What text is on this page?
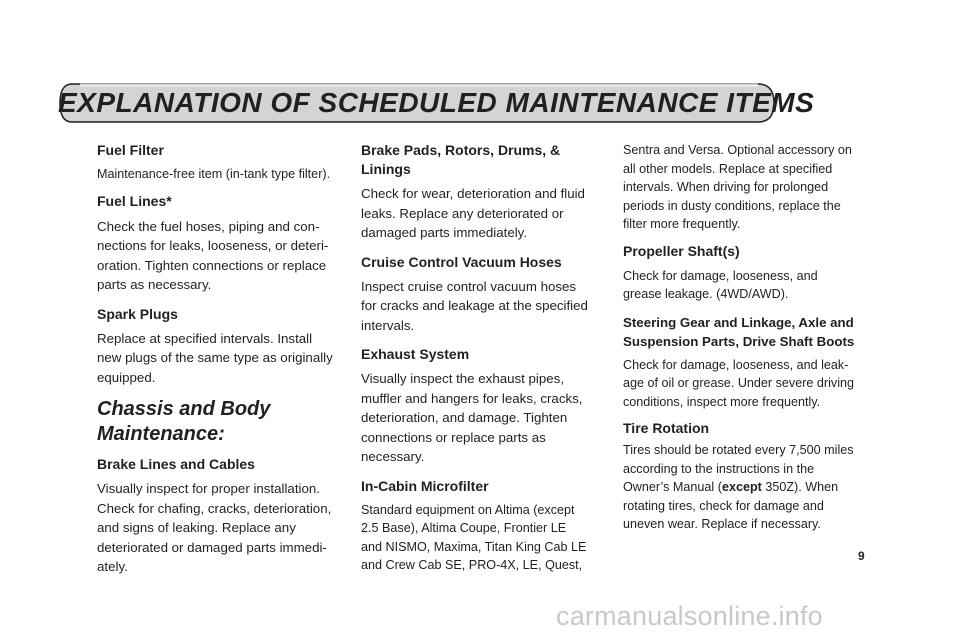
EXPLANATION OF SCHEDULED MAINTENANCE ITEMS

Fuel Filter

Maintenance-free item (in-tank type filter).

Fuel Lines*

Check the fuel hoses, piping and con-

nections for leaks, looseness, or deteri-

oration. Tighten connections or replace

parts as necessary.

Spark Plugs

Replace at specified intervals. Install

new plugs of the same type as originally

equipped.

Chassis and Body

Maintenance:

Brake Lines and Cables

Visually inspect for proper installation.

Check for chafing, cracks, deterioration,

and signs of leaking. Replace any

deteriorated or damaged parts immedi-

ately.

Brake Pads, Rotors, Drums, &

Linings

Check for wear, deterioration and fluid

leaks. Replace any deteriorated or

damaged parts immediately.

Cruise Control Vacuum Hoses

Inspect cruise control vacuum hoses

for cracks and leakage at the specified

intervals.

Exhaust System

Visually inspect the exhaust pipes,

muffler and hangers for leaks, cracks,

deterioration, and damage. Tighten

connections or replace parts as

necessary.

In-Cabin Microfilter

Standard equipment on Altima (except

2.5 Base), Altima Coupe, Frontier LE

and NISMO, Maxima, Titan King Cab LE

and Crew Cab SE, PRO-4X, LE, Quest,

Sentra and Versa. Optional accessory on

all other models. Replace at specified

intervals. When driving for prolonged

periods in dusty conditions, replace the

filter more frequently.

Propeller Shaft(s)

Check for damage, looseness, and

grease leakage. (4WD/AWD).

Steering Gear and Linkage, Axle and

Suspension Parts, Drive Shaft Boots

Check for damage, looseness, and leak-

age of oil or grease. Under severe driving

conditions, inspect more frequently.

Tire Rotation

Tires should be rotated every 7,500 miles

according to the instructions in the

Owner’s Manual (except 350Z). When

rotating tires, check for damage and

uneven wear. Replace if necessary.

9
carmanualsonline.info
